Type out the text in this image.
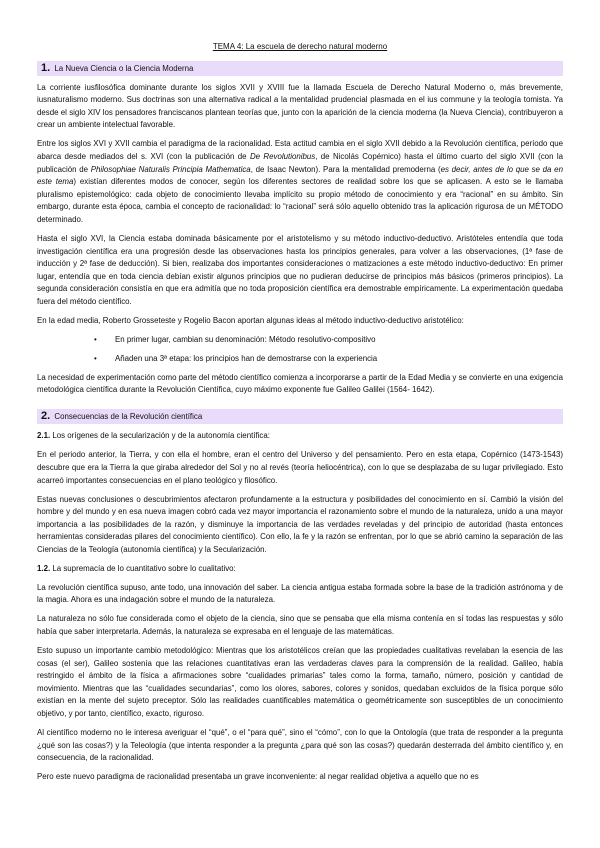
TEMA 4: La escuela de derecho natural moderno
1. La Nueva Ciencia o la Ciencia Moderna

La corriente iusfilosófica dominante durante los siglos XVII y XVIII fue la llamada Escuela de Derecho Natural Moderno o, más brevemente, iusnaturalismo moderno. Sus doctrinas son una alternativa radical a la mentalidad prudencial plasmada en el ius commune y la teología tomista. Ya desde el siglo XIV los pensadores franciscanos plantean teorías que, junto con la aparición de la ciencia moderna (la Nueva Ciencia), contribuyeron a crear un ambiente intelectual favorable.

Entre los siglos XVI y XVII cambia el paradigma de la racionalidad. Esta actitud cambia en el siglo XVII debido a la Revolución científica, período que abarca desde mediados del s. XVI (con la publicación de De Revolutionibus, de Nicolás Copérnico) hasta el último cuarto del siglo XVII (con la publicación de Philosophiae Naturalis Principia Mathematica, de Isaac Newton). Para la mentalidad premoderna (es decir, antes de lo que se da en este tema) existían diferentes modos de conocer, según los diferentes sectores de realidad sobre los que se aplicasen. A esto se le llamaba pluralismo epistemológico: cada objeto de conocimiento llevaba implícito su propio método de conocimiento y era “racional” en su ámbito. Sin embargo, durante esta época, cambia el concepto de racionalidad: lo “racional” será sólo aquello obtenido tras la aplicación rigurosa de un MÉTODO determinado.

Hasta el siglo XVI, la Ciencia estaba dominada básicamente por el aristotelismo y su método inductivo-deductivo. Aristóteles entendía que toda investigación científica era una progresión desde las observaciones hasta los principios generales, para volver a las observaciones, (1ª fase de inducción y 2ª fase de deducción). Si bien, realizaba dos importantes consideraciones o matizaciones a este método inductivo-deductivo: En primer lugar, entendía que en toda ciencia debían existir algunos principios que no pudieran deducirse de principios más básicos (primeros principios). La segunda consideración consistía en que era admitía que no toda proposición científica era demostrable empíricamente. La experimentación quedaba fuera del método científico.

En la edad media, Roberto Grosseteste y Rogelio Bacon aportan algunas ideas al método inductivo-deductivo aristotélico:

• En primer lugar, cambian su denominación: Método resolutivo-compositivo
• Añaden una 3ª etapa: los principios han de demostrarse con la experiencia

La necesidad de experimentación como parte del método científico comienza a incorporarse a partir de la Edad Media y se convierte en una exigencia metodológica científica durante la Revolución Científica, cuyo máximo exponente fue Galileo Galilei (1564- 1642).

2. Consecuencias de la Revolución científica

2.1. Los orígenes de la secularización y de la autonomía científica:

En el periodo anterior, la Tierra, y con ella el hombre, eran el centro del Universo y del pensamiento. Pero en esta etapa, Copérnico (1473-1543) descubre que era la Tierra la que giraba alrededor del Sol y no al revés (teoría heliocéntrica), con lo que se desplazaba de su lugar privilegiado. Esto acarreó importantes consecuencias en el plano teológico y filosófico.

Estas nuevas conclusiones o descubrimientos afectaron profundamente a la estructura y posibilidades del conocimiento en sí. Cambió la visión del hombre y del mundo y en esa nueva imagen cobró cada vez mayor importancia el razonamiento sobre el mundo de la naturaleza, unido a una mayor importancia a las posibilidades de la razón, y disminuye la importancia de las verdades reveladas y del principio de autoridad (hasta entonces herramientas consideradas pilares del conocimiento científico). Con ello, la fe y la razón se enfrentan, por lo que se abrió camino la separación de las Ciencias de la Teología (autonomía científica) y la Secularización.

1.2. La supremacía de lo cuantitativo sobre lo cualitativo:

La revolución científica supuso, ante todo, una innovación del saber. La ciencia antigua estaba formada sobre la base de la tradición astrónoma y de la magia. Ahora es una indagación sobre el mundo de la naturaleza.

La naturaleza no sólo fue considerada como el objeto de la ciencia, sino que se pensaba que ella misma contenía en sí todas las respuestas y sólo había que saber interpretarla. Además, la naturaleza se expresaba en el lenguaje de las matemáticas.

Esto supuso un importante cambio metodológico: Mientras que los aristotélicos creían que las propiedades cualitativas revelaban la esencia de las cosas (el ser), Galileo sostenía que las relaciones cuantitativas eran las verdaderas claves para la comprensión de la realidad. Galileo, había restringido el ámbito de la física a afirmaciones sobre “cualidades primarias” tales como la forma, tamaño, número, posición y cantidad de movimiento. Mientras que las “cualidades secundarias”, como los olores, sabores, colores y sonidos, quedaban excluidos de la física porque sólo existían en la mente del sujeto preceptor. Sólo las realidades cuantificables matemática o geométricamente son susceptibles de un conocimiento objetivo, y por tanto, científico, exacto, riguroso.

Al científico moderno no le interesa averiguar el “qué”, o el “para qué”, sino el “cómo”, con lo que la Ontología (que trata de responder a la pregunta ¿qué son las cosas?) y la Teleología (que intenta responder a la pregunta ¿para qué son las cosas?) quedarán desterrada del ámbito científico y, en consecuencia, de la racionalidad.

Pero este nuevo paradigma de racionalidad presentaba un grave inconveniente: al negar realidad objetiva a aquello que no es
